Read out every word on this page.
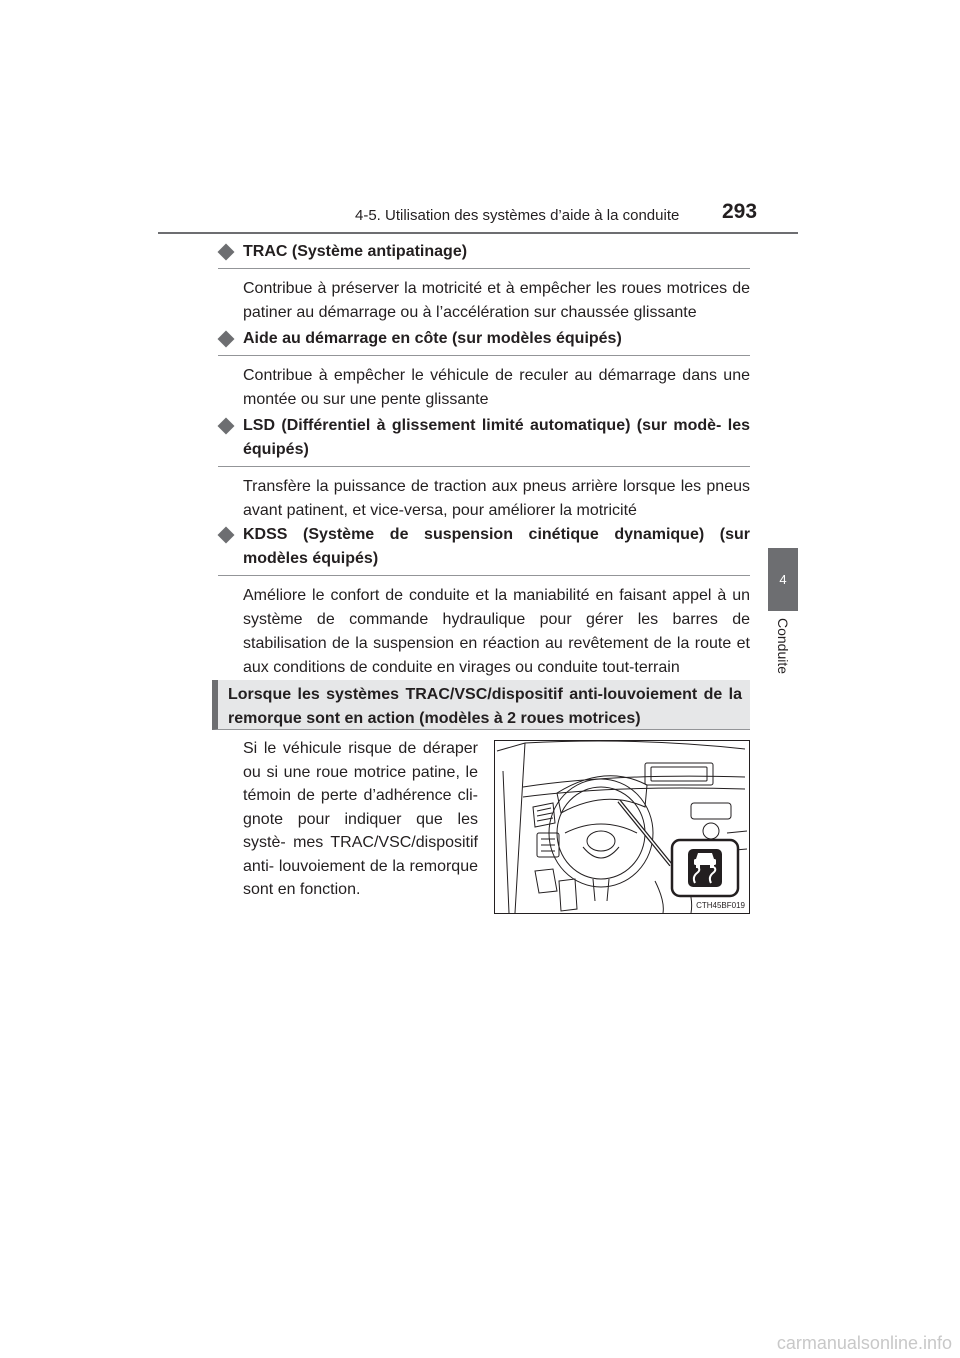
4-5. Utilisation des systèmes d’aide à la conduite 293
4
Conduite
TRAC (Système antipatinage)
Contribue à préserver la motricité et à empêcher les roues motrices de patiner au démarrage ou à l’accélération sur chaussée glissante
Aide au démarrage en côte (sur modèles équipés)
Contribue à empêcher le véhicule de reculer au démarrage dans une montée ou sur une pente glissante
LSD (Différentiel à glissement limité automatique) (sur modè- les équipés)
Transfère la puissance de traction aux pneus arrière lorsque les pneus avant patinent, et vice-versa, pour améliorer la motricité
KDSS (Système de suspension cinétique dynamique) (sur modèles équipés)
Améliore le confort de conduite et la maniabilité en faisant appel à un système de commande hydraulique pour gérer les barres de stabilisation de la suspension en réaction au revêtement de la route et aux conditions de conduite en virages ou conduite tout-terrain
Lorsque les systèmes TRAC/VSC/dispositif anti-louvoiement de la remorque sont en action (modèles à 2 roues motrices)
Si le véhicule risque de déraper ou si une roue motrice patine, le témoin de perte d’adhérence cli- gnote pour indiquer que les systè- mes TRAC/VSC/dispositif anti- louvoiement de la remorque sont en fonction.
CTH45BF019
carmanualsonline.info
